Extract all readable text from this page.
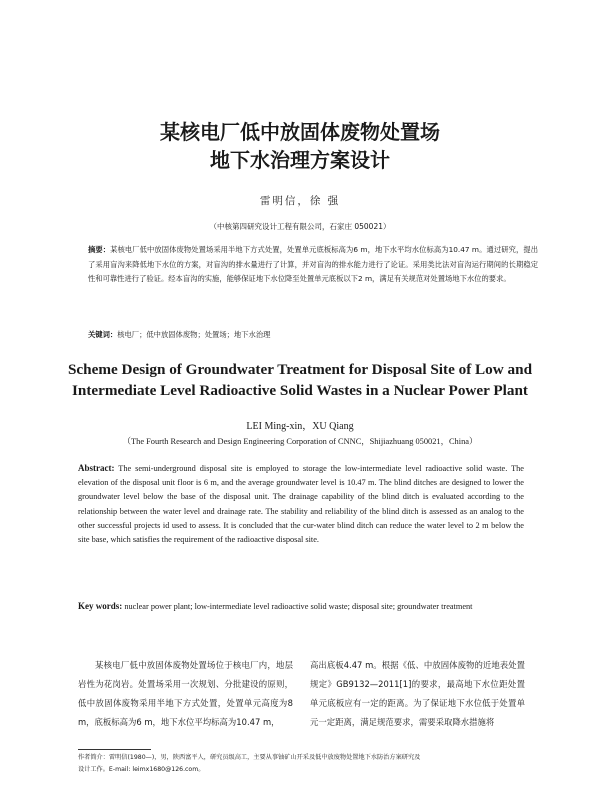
某核电厂低中放固体废物处置场
地下水治理方案设计
雷明信，徐 强
（中核第四研究设计工程有限公司，石家庄 050021）
摘要：某核电厂低中放固体废物处置场采用半地下方式处置，处置单元底板标高为6 m，地下水平均水位标高为10.47 m。通过研究，提出了采用盲沟来降低地下水位的方案，对盲沟的排水量进行了计算，并对盲沟的排水能力进行了论证。采用类比法对盲沟运行期间的长期稳定性和可靠性进行了验证。经本盲沟的实施，能够保证地下水位降至处置单元底板以下2 m，满足有关规范对处置场地下水位的要求。
关键词：核电厂；低中放固体废物；处置场；地下水治理
Scheme Design of Groundwater Treatment for Disposal Site of Low and
Intermediate Level Radioactive Solid Wastes in a Nuclear Power Plant
LEI Ming-xin，XU Qiang
（The Fourth Research and Design Engineering Corporation of CNNC，Shijiazhuang 050021，China）
Abstract: The semi-underground disposal site is employed to storage the low-intermediate level radioactive solid waste. The elevation of the disposal unit floor is 6 m, and the average groundwater level is 10.47 m. The blind ditches are designed to lower the groundwater level below the base of the disposal unit. The drainage capability of the blind ditch is evaluated according to the relationship between the water level and drainage rate. The stability and reliability of the blind ditch is assessed as an analog to the other successful projects id used to assess. It is concluded that the cur-water blind ditch can reduce the water level to 2 m below the site base, which satisfies the requirement of the radioactive disposal site.
Key words: nuclear power plant; low-intermediate level radioactive solid waste; disposal site; groundwater treatment
某核电厂低中放固体废物处置场位于核电厂内，地层岩性为花岗岩。处置场采用一次规划、分批建设的原则，低中放固体废物采用半地下方式处置，处置单元高度为8 m，底板标高为6 m，地下水位平均标高为10.47 m，
高出底板4.47 m。根据《低、中放固体废物的近地表处置规定》GB9132—2011[1]的要求，最高地下水位距处置单元底板应有一定的距离。为了保证地下水位低于处置单元一定距离，满足规范要求，需要采取降水措施将
作者简介：雷明信(1980—)，男，陕西富平人，研究员级高工，主要从事铀矿山开采及低中放废物处置地下水防治方案研究及
设计工作。E-mail: leimx1680@126.com。
